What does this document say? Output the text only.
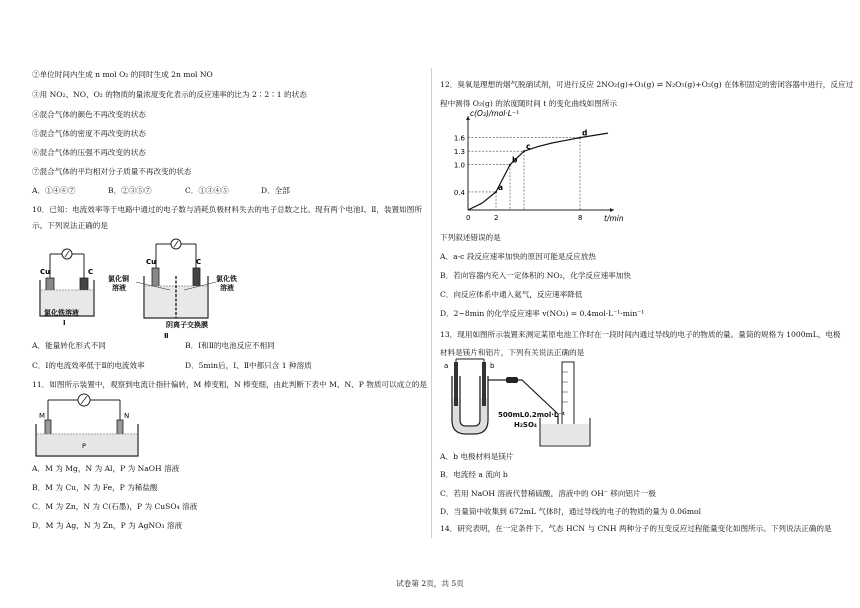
②单位时间内生成 n mol O₂ 的同时生成 2n mol NO
③用 NO₂、NO、O₂ 的物质的量浓度变化表示的反应速率的比为 2∶2∶1 的状态
④混合气体的颜色不再改变的状态
⑤混合气体的密度不再改变的状态
⑥混合气体的压强不再改变的状态
⑦混合气体的平均相对分子质量不再改变的状态
A．①④⑥⑦	B．②③⑤⑦	C．①③④⑤	D．全部
10．已知：电流效率等于电路中通过的电子数与消耗负极材料失去的电子总数之比。现有两个电池Ⅰ、Ⅱ，装置如图所
示。下列说法正确的是
Cu	C
Cu	C
氯化铁溶液
Ⅰ
氯化铜
溶液
氯化铁
溶液
阴离子交换膜
Ⅱ
A．能量转化形式不同	B．Ⅰ和Ⅱ的电池反应不相同
C．Ⅰ的电流效率低于Ⅱ的电流效率	D．5min后，Ⅰ、Ⅱ中都只含 1 种溶质
11．如图所示装置中，观察到电流计指针偏转，M 棒变粗，N 棒变细，由此判断下表中 M、N、P 物质可以成立的是
M	N
P
A．M 为 Mg，N 为 Al，P 为 NaOH 溶液
B．M 为 Cu，N 为 Fe，P 为稀盐酸
C．M 为 Zn，N 为 C(石墨)，P 为 CuSO₄ 溶液
D．M 为 Ag，N 为 Zn，P 为 AgNO₃ 溶液
12．臭氧是理想的烟气脱硝试剂，可进行反应 2NO₂(g)+O₃(g) ⇌ N₂O₅(g)+O₂(g) 在体积固定的密闭容器中进行，反应过
程中测得 O₂(g) 的浓度随时间 t 的变化曲线如图所示
c(O₂)/mol·L⁻¹
t/min
1.6
1.3
1.0
0.4
0	2	8
a
b
c
d
下列叙述错误的是
A．a-c 段反应速率加快的原因可能是反应放热
B．若向容器内充入一定体积的 NO₂，化学反应速率加快
C．向反应体系中通入氦气，反应速率降低
D．2~8min 的化学反应速率 v(NO₂) = 0.4mol·L⁻¹·min⁻¹
13．现用如图所示装置来测定某原电池工作时在一段时间内通过导线的电子的物质的量。量筒的规格为 1000mL，电极
材料是镁片和铝片，下列有关说法正确的是
a	b
500mL0.2mol·L⁻¹
H₂SO₄
A．b 电极材料是镁片
B．电流经 a 流向 b
C．若用 NaOH 溶液代替稀硫酸，溶液中的 OH⁻ 移向铝片一极
D．当量筒中收集到 672mL 气体时，通过导线的电子的物质的量为 0.06mol
14．研究表明，在一定条件下，气态 HCN 与 CNH 两种分子的互变反应过程能量变化如图所示。下列说法正确的是
试卷第 2页，共 5页
